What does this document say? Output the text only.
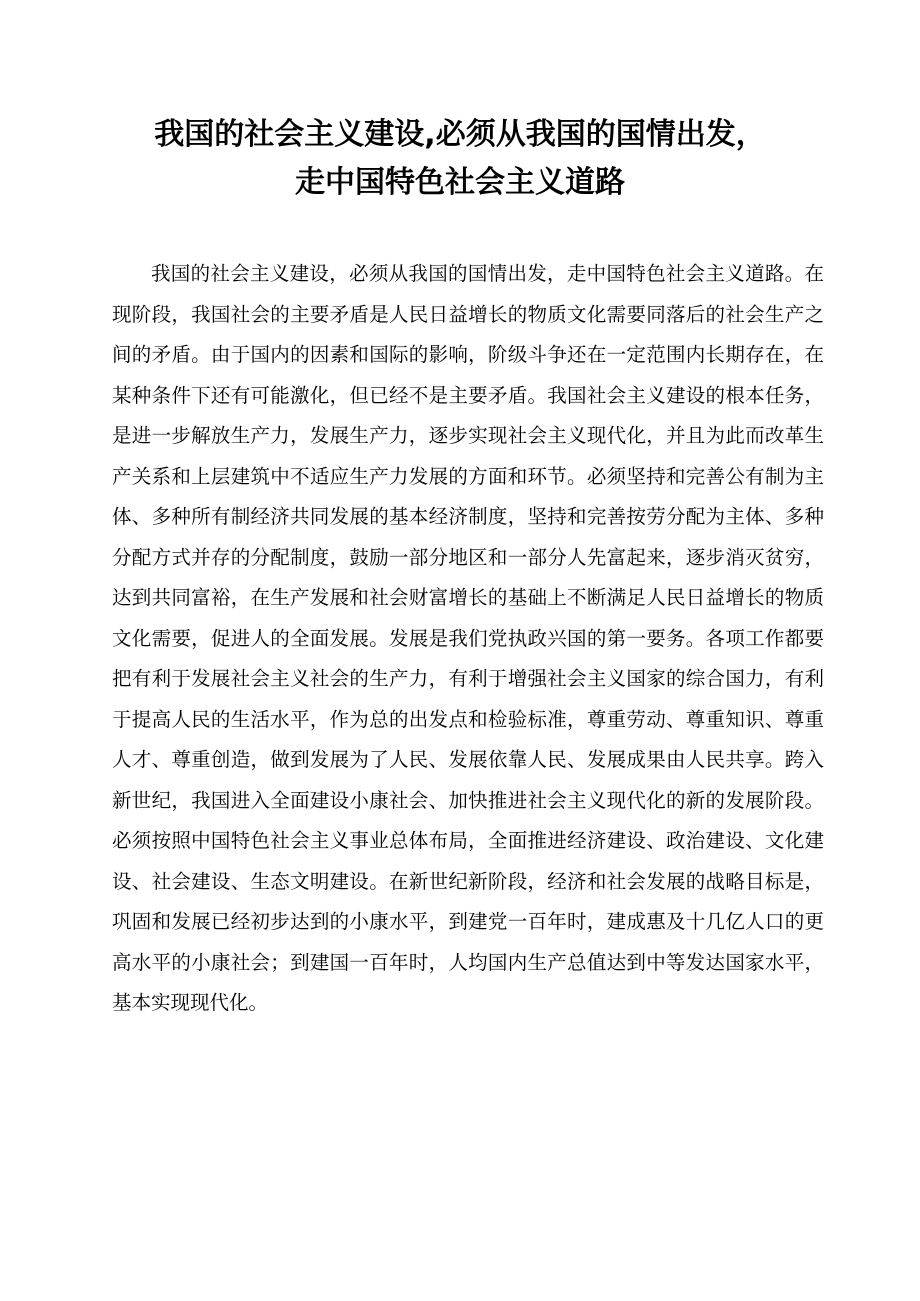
我国的社会主义建设,必须从我国的国情出发，
走中国特色社会主义道路

我国的社会主义建设，必须从我国的国情出发，走中国特色社会主义道路。在现阶段，我国社会的主要矛盾是人民日益增长的物质文化需要同落后的社会生产之间的矛盾。由于国内的因素和国际的影响，阶级斗争还在一定范围内长期存在，在某种条件下还有可能激化，但已经不是主要矛盾。我国社会主义建设的根本任务，是进一步解放生产力，发展生产力，逐步实现社会主义现代化，并且为此而改革生产关系和上层建筑中不适应生产力发展的方面和环节。必须坚持和完善公有制为主体、多种所有制经济共同发展的基本经济制度，坚持和完善按劳分配为主体、多种分配方式并存的分配制度，鼓励一部分地区和一部分人先富起来，逐步消灭贫穷，达到共同富裕，在生产发展和社会财富增长的基础上不断满足人民日益增长的物质文化需要，促进人的全面发展。发展是我们党执政兴国的第一要务。各项工作都要把有利于发展社会主义社会的生产力，有利于增强社会主义国家的综合国力，有利于提高人民的生活水平，作为总的出发点和检验标准，尊重劳动、尊重知识、尊重人才、尊重创造，做到发展为了人民、发展依靠人民、发展成果由人民共享。跨入新世纪，我国进入全面建设小康社会、加快推进社会主义现代化的新的发展阶段。必须按照中国特色社会主义事业总体布局，全面推进经济建设、政治建设、文化建设、社会建设、生态文明建设。在新世纪新阶段，经济和社会发展的战略目标是，巩固和发展已经初步达到的小康水平，到建党一百年时，建成惠及十几亿人口的更高水平的小康社会；到建国一百年时，人均国内生产总值达到中等发达国家水平，基本实现现代化。
